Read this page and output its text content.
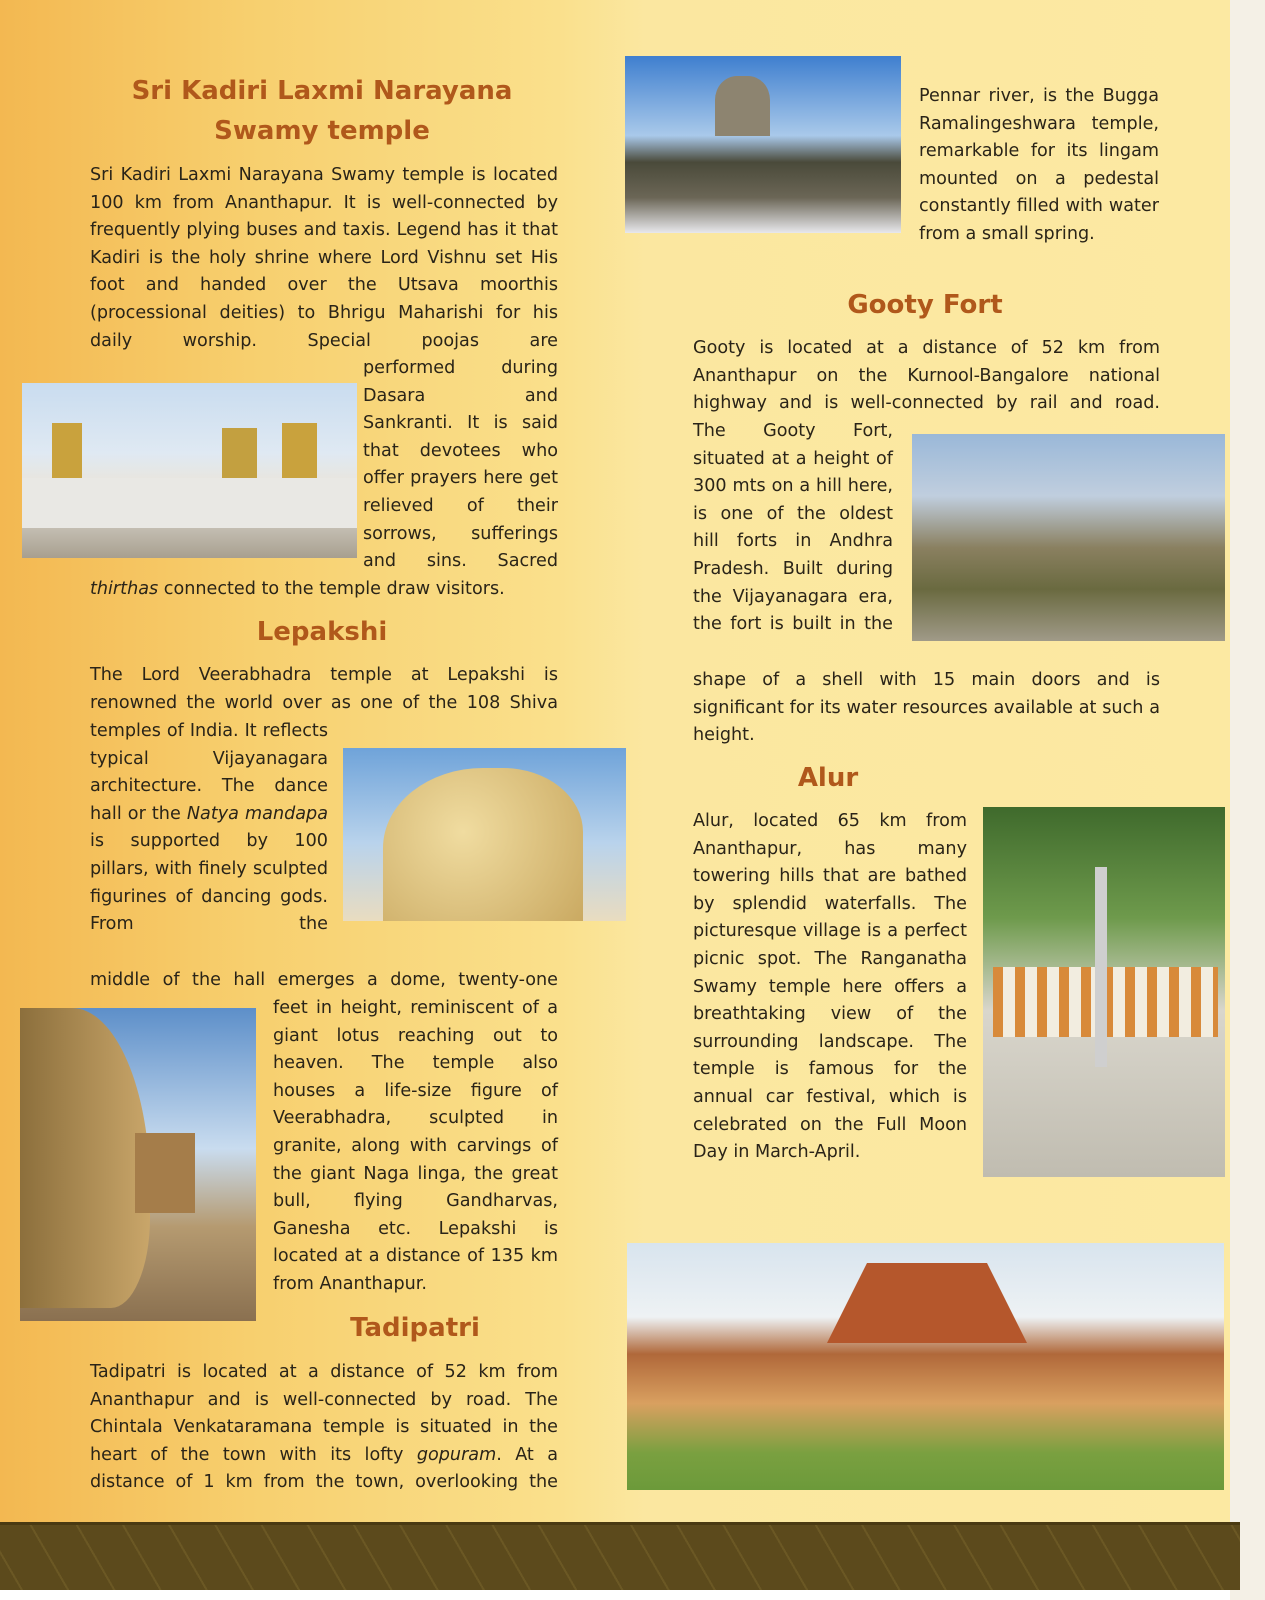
Sri Kadiri Laxmi Narayana
Swamy temple
Sri Kadiri Laxmi Narayana Swamy temple is located 100 km from Ananthapur. It is well-connected by frequently plying buses and taxis. Legend has it that Kadiri is the holy shrine where Lord Vishnu set His foot and handed over the Utsava moorthis (processional deities) to Bhrigu Maharishi for his daily worship. Special poojas are
performed during Dasara and Sankranti. It is said that devotees who offer prayers here get relieved of their sorrows, sufferings and sins. Sacred
thirthas connected to the temple draw visitors.
Lepakshi
The Lord Veerabhadra temple at Lepakshi is renowned the world over as one of the 108 Shiva
temples of India. It reflects typical Vijayanagara architecture. The dance hall or the Natya mandapa is supported by 100 pillars, with finely sculpted figurines of dancing gods. From the
middle of the hall emerges a dome, twenty-one
feet in height, reminiscent of a giant lotus reaching out to heaven. The temple also houses a life-size figure of Veerabhadra, sculpted in granite, along with carvings of the giant Naga linga, the great bull, flying Gandharvas, Ganesha etc. Lepakshi is located at a distance of 135 km from Ananthapur.
Tadipatri
Tadipatri is located at a distance of 52 km from Ananthapur and is well-connected by road. The Chintala Venkataramana temple is situated in the heart of the town with its lofty gopuram. At a distance of 1 km from the town, overlooking the
Pennar river, is the Bugga Ramalingeshwara temple, remarkable for its lingam mounted on a pedestal constantly filled with water from a small spring.
Gooty Fort
Gooty is located at a distance of 52 km from Ananthapur on the Kurnool-Bangalore national highway and is well-connected by rail and road.
The Gooty Fort, situated at a height of 300 mts on a hill here, is one of the oldest hill forts in Andhra Pradesh. Built during the Vijayanagara era, the fort is built in the
shape of a shell with 15 main doors and is significant for its water resources available at such a height.
Alur
Alur, located 65 km from Ananthapur, has many towering hills that are bathed by splendid waterfalls. The picturesque village is a perfect picnic spot. The Ranganatha Swamy temple here offers a breathtaking view of the surrounding landscape. The temple is famous for the annual car festival, which is celebrated on the Full Moon Day in March-April.
